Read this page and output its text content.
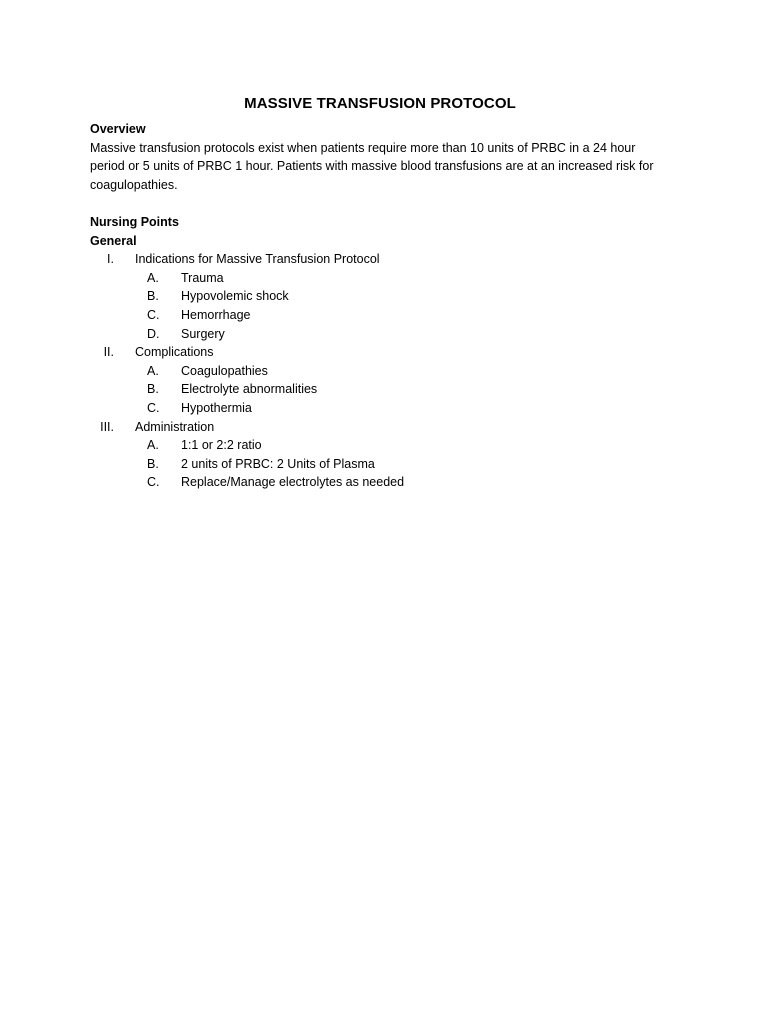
MASSIVE TRANSFUSION PROTOCOL
Overview

Massive transfusion protocols exist when patients require more than 10 units of PRBC in a 24 hour period or 5 units of PRBC 1 hour. Patients with massive blood transfusions are at an increased risk for coagulopathies.

Nursing Points
General
I. Indications for Massive Transfusion Protocol
A. Trauma
B. Hypovolemic shock
C. Hemorrhage
D. Surgery
II. Complications
A. Coagulopathies
B. Electrolyte abnormalities
C. Hypothermia
III. Administration
A. 1:1 or 2:2 ratio
B. 2 units of PRBC: 2 Units of Plasma
C. Replace/Manage electrolytes as needed
